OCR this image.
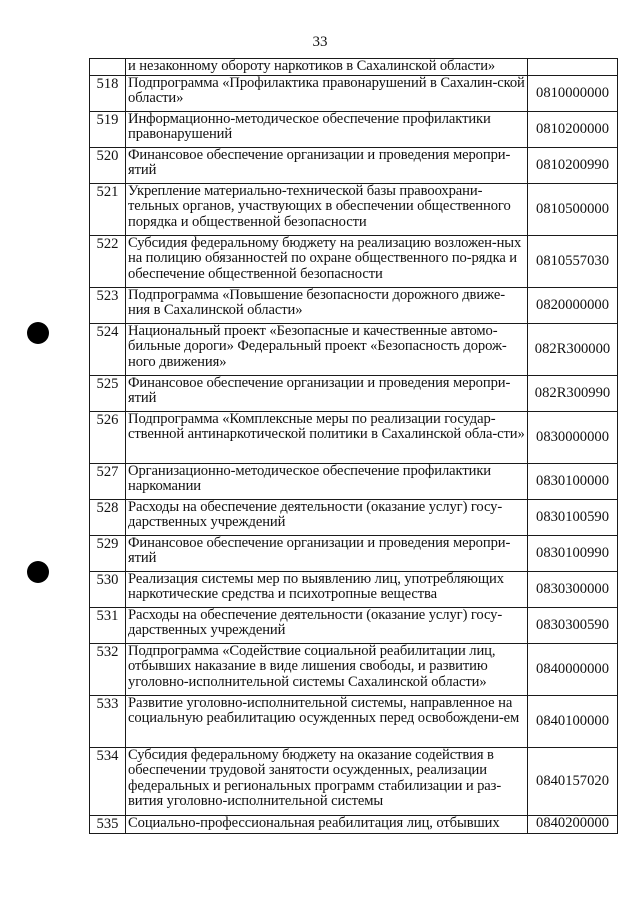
33
	и незаконному обороту наркотиков в Сахалинской области»	
518	Подпрограмма «Профилактика правонарушений в Сахалин-ской области»	0810000000
519	Информационно-методическое обеспечение профилактики правонарушений	0810200000
520	Финансовое обеспечение организации и проведения меропри-ятий	0810200990
521	Укрепление материально-технической базы правоохрани-тельных органов, участвующих в обеспечении общественного порядка и общественной безопасности	0810500000
522	Субсидия федеральному бюджету на реализацию возложен-ных на полицию обязанностей по охране общественного по-рядка и обеспечение общественной безопасности	0810557030
523	Подпрограмма «Повышение безопасности дорожного движе-ния в Сахалинской области»	0820000000
524	Национальный проект «Безопасные и качественные автомо-бильные дороги» Федеральный проект «Безопасность дорож-ного движения»	082R300000
525	Финансовое обеспечение организации и проведения меропри-ятий	082R300990
526	Подпрограмма «Комплексные меры по реализации государ-ственной антинаркотической политики в Сахалинской обла-сти»	0830000000
527	Организационно-методическое обеспечение профилактики наркомании	0830100000
528	Расходы на обеспечение деятельности (оказание услуг) госу-дарственных учреждений	0830100590
529	Финансовое обеспечение организации и проведения меропри-ятий	0830100990
530	Реализация системы мер по выявлению лиц, употребляющих наркотические средства и психотропные вещества	0830300000
531	Расходы на обеспечение деятельности (оказание услуг) госу-дарственных учреждений	0830300590
532	Подпрограмма «Содействие социальной реабилитации лиц, отбывших наказание в виде лишения свободы, и развитию уголовно-исполнительной системы Сахалинской области»	0840000000
533	Развитие уголовно-исполнительной системы, направленное на социальную реабилитацию осужденных перед освобождени-ем	0840100000
534	Субсидия федеральному бюджету на оказание содействия в обеспечении трудовой занятости осужденных, реализации федеральных и региональных программ стабилизации и раз-вития уголовно-исполнительной системы	0840157020
535	Социально-профессиональная реабилитация лиц, отбывших	0840200000
